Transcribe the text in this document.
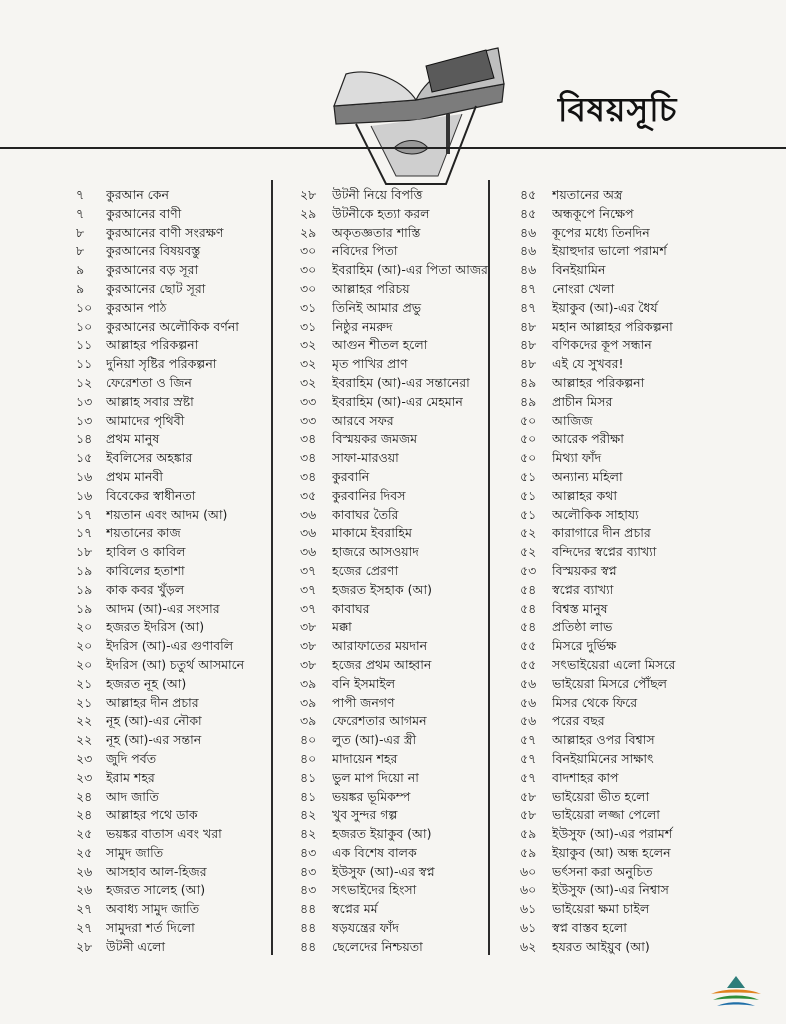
বিষয়সূচি
৭	কুরআন কেন
৭	কুরআনের বাণী
৮	কুরআনের বাণী সংরক্ষণ
৮	কুরআনের বিষয়বস্তু
৯	কুরআনের বড় সূরা
৯	কুরআনের ছোট সূরা
১০	কুরআন পাঠ
১০	কুরআনের অলৌকিক বর্ণনা
১১	আল্লাহর পরিকল্পনা
১১	দুনিয়া সৃষ্টির পরিকল্পনা
১২	ফেরেশতা ও জিন
১৩	আল্লাহ সবার স্রষ্টা
১৩	আমাদের পৃথিবী
১৪	প্রথম মানুষ
১৫	ইবলিসের অহঙ্কার
১৬	প্রথম মানবী
১৬	বিবেকের স্বাধীনতা
১৭	শয়তান এবং আদম (আ)
১৭	শয়তানের কাজ
১৮	হাবিল ও কাবিল
১৯	কাবিলের হতাশা
১৯	কাক কবর খুঁড়ল
১৯	আদম (আ)-এর সংসার
২০	হজরত ইদরিস (আ)
২০	ইদরিস (আ)-এর গুণাবলি
২০	ইদরিস (আ) চতুর্থ আসমানে
২১	হজরত নূহ (আ)
২১	আল্লাহর দীন প্রচার
২২	নূহ (আ)-এর নৌকা
২২	নূহ (আ)-এর সন্তান
২৩	জুদি পর্বত
২৩	ইরাম শহর
২৪	আদ জাতি
২৪	আল্লাহর পথে ডাক
২৫	ভয়ঙ্কর বাতাস এবং খরা
২৫	সামুদ জাতি
২৬	আসহাব আল-হিজর
২৬	হজরত সালেহ (আ)
২৭	অবাধ্য সামুদ জাতি
২৭	সামুদরা শর্ত দিলো
২৮	উটনী এলো
২৮	উটনী নিয়ে বিপত্তি
২৯	উটনীকে হত্যা করল
২৯	অকৃতজ্ঞতার শাস্তি
৩০	নবিদের পিতা
৩০	ইবরাহিম (আ)-এর পিতা আজর
৩০	আল্লাহর পরিচয়
৩১	তিনিই আমার প্রভু
৩১	নিষ্ঠুর নমরুদ
৩২	আগুন শীতল হলো
৩২	মৃত পাখির প্রাণ
৩২	ইবরাহিম (আ)-এর সন্তানেরা
৩৩	ইবরাহিম (আ)-এর মেহমান
৩৩	আরবে সফর
৩৪	বিস্ময়কর জমজম
৩৪	সাফা-মারওয়া
৩৪	কুরবানি
৩৫	কুরবানির দিবস
৩৬	কাবাঘর তৈরি
৩৬	মাকামে ইবরাহিম
৩৬	হাজরে আসওয়াদ
৩৭	হজের প্রেরণা
৩৭	হজরত ইসহাক (আ)
৩৭	কাবাঘর
৩৮	মক্কা
৩৮	আরাফাতের ময়দান
৩৮	হজের প্রথম আহ্বান
৩৯	বনি ইসমাইল
৩৯	পাপী জনগণ
৩৯	ফেরেশতার আগমন
৪০	লুত (আ)-এর স্ত্রী
৪০	মাদায়েন শহর
৪১	ভুল মাপ দিয়ো না
৪১	ভয়ঙ্কর ভূমিকম্প
৪২	খুব সুন্দর গল্প
৪২	হজরত ইয়াকুব (আ)
৪৩	এক বিশেষ বালক
৪৩	ইউসুফ (আ)-এর স্বপ্ন
৪৩	সৎভাইদের হিংসা
৪৪	স্বপ্নের মর্ম
৪৪	ষড়যন্ত্রের ফাঁদ
৪৪	ছেলেদের নিশ্চয়তা
৪৫	শয়তানের অস্ত্র
৪৫	অন্ধকূপে নিক্ষেপ
৪৬	কূপের মধ্যে তিনদিন
৪৬	ইয়াহুদার ভালো পরামর্শ
৪৬	বিনইয়ামিন
৪৭	নোংরা খেলা
৪৭	ইয়াকুব (আ)-এর ধৈর্য
৪৮	মহান আল্লাহর পরিকল্পনা
৪৮	বণিকদের কূপ সন্ধান
৪৮	এই যে সুখবর!
৪৯	আল্লাহর পরিকল্পনা
৪৯	প্রাচীন মিসর
৫০	আজিজ
৫০	আরেক পরীক্ষা
৫০	মিথ্যা ফাঁদ
৫১	অন্যান্য মহিলা
৫১	আল্লাহর কথা
৫১	অলৌকিক সাহায্য
৫২	কারাগারে দীন প্রচার
৫২	বন্দিদের স্বপ্নের ব্যাখ্যা
৫৩	বিস্ময়কর স্বপ্ন
৫৪	স্বপ্নের ব্যাখ্যা
৫৪	বিশ্বস্ত মানুষ
৫৪	প্রতিষ্ঠা লাভ
৫৫	মিসরে দুর্ভিক্ষ
৫৫	সৎভাইয়েরা এলো মিসরে
৫৬	ভাইয়েরা মিসরে পৌঁছল
৫৬	মিসর থেকে ফিরে
৫৬	পরের বছর
৫৭	আল্লাহর ওপর বিশ্বাস
৫৭	বিনইয়ামিনের সাক্ষাৎ
৫৭	বাদশাহর কাপ
৫৮	ভাইয়েরা ভীত হলো
৫৮	ভাইয়েরা লজ্জা পেলো
৫৯	ইউসুফ (আ)-এর পরামর্শ
৫৯	ইয়াকুব (আ) অন্ধ হলেন
৬০	ভর্ৎসনা করা অনুচিত
৬০	ইউসুফ (আ)-এর নিশ্বাস
৬১	ভাইয়েরা ক্ষমা চাইল
৬১	স্বপ্ন বাস্তব হলো
৬২	হযরত আইয়ুব (আ)
